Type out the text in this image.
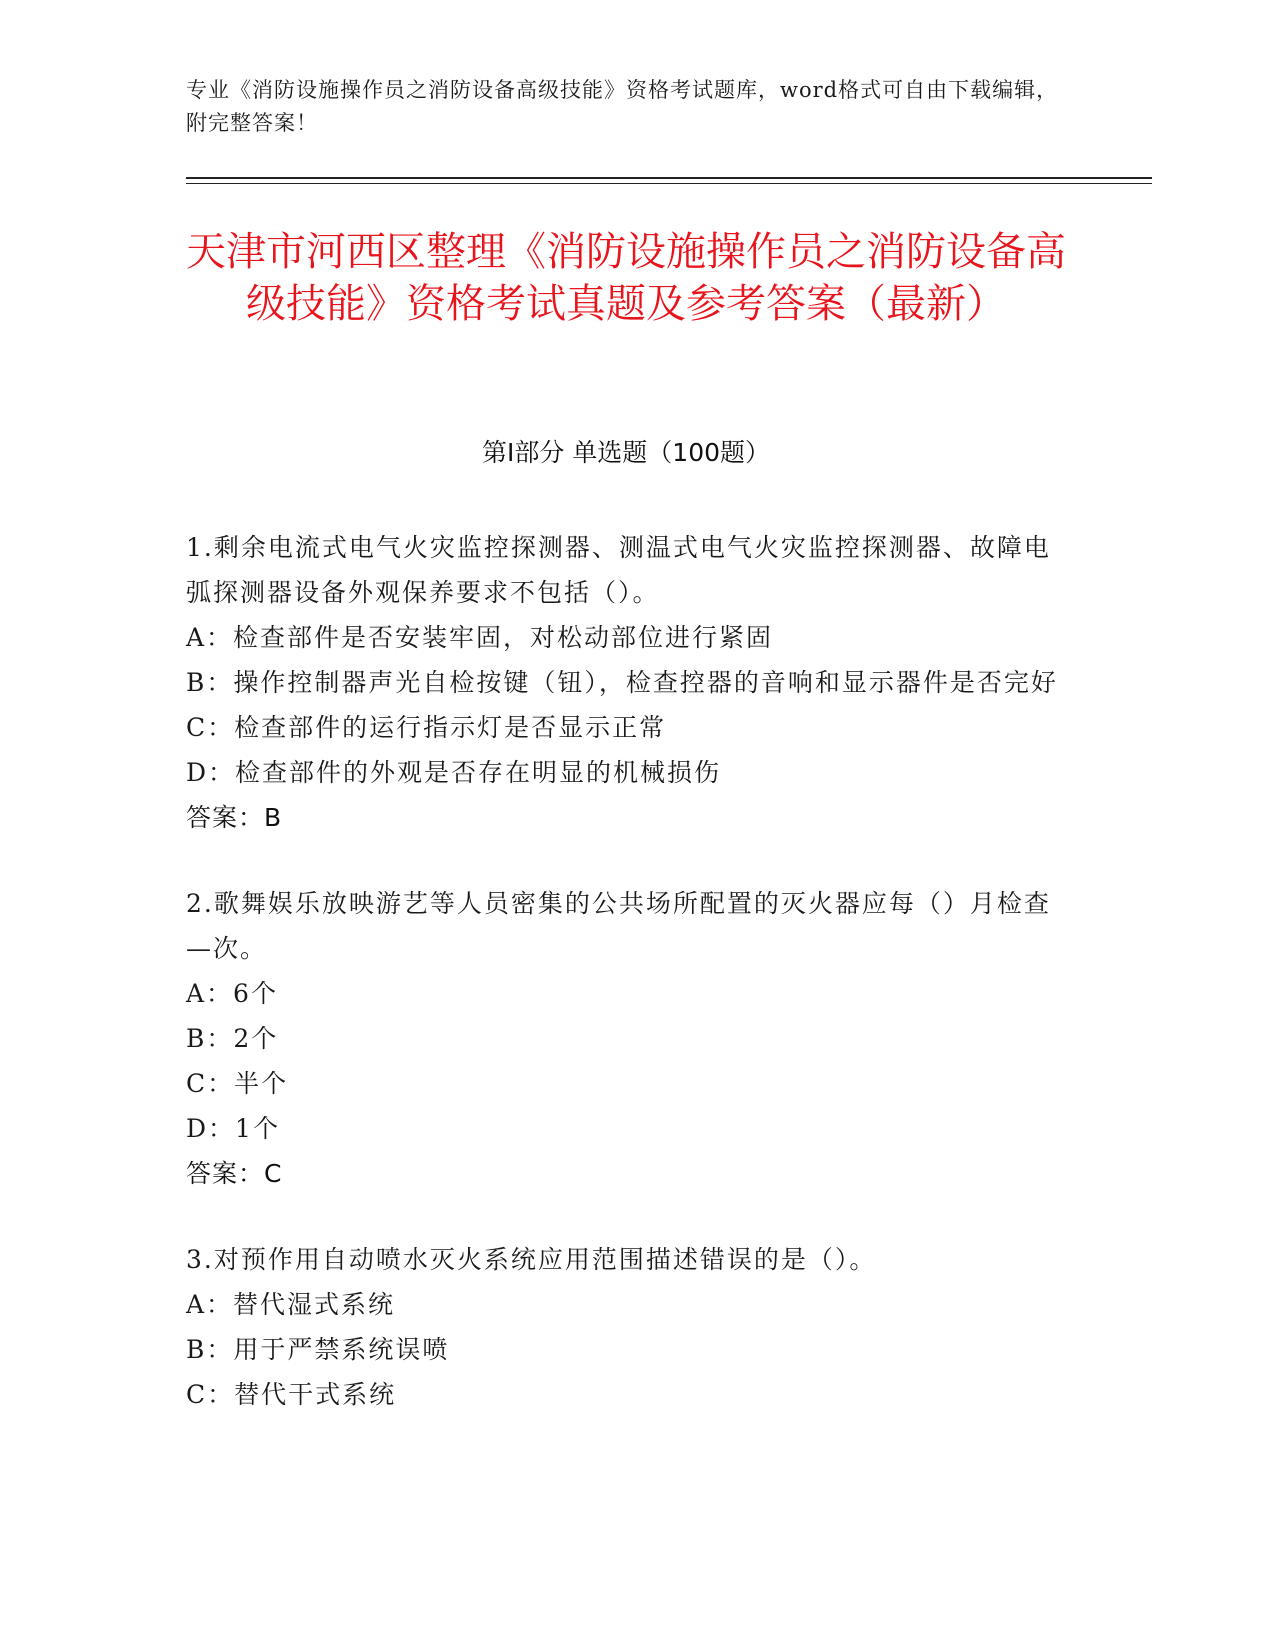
专业《消防设施操作员之消防设备高级技能》资格考试题库，word格式可自由下载编辑，附完整答案！
天津市河西区整理《消防设施操作员之消防设备高级技能》资格考试真题及参考答案（最新）
第Ⅰ部分 单选题（100题）

1.剩余电流式电气火灾监控探测器、测温式电气火灾监控探测器、故障电弧探测器设备外观保养要求不包括（）。

A：检查部件是否安装牢固，对松动部位进行紧固

B：操作控制器声光自检按键（钮），检查控器的音响和显示器件是否完好

C：检查部件的运行指示灯是否显示正常

D：检查部件的外观是否存在明显的机械损伤

答案：B

2.歌舞娱乐放映游艺等人员密集的公共场所配置的灭火器应每（）月检查—次。

A：6个

B：2个

C：半个

D：1个

答案：C

3.对预作用自动喷水灭火系统应用范围描述错误的是（）。

A：替代湿式系统

B：用于严禁系统误喷

C：替代干式系统
